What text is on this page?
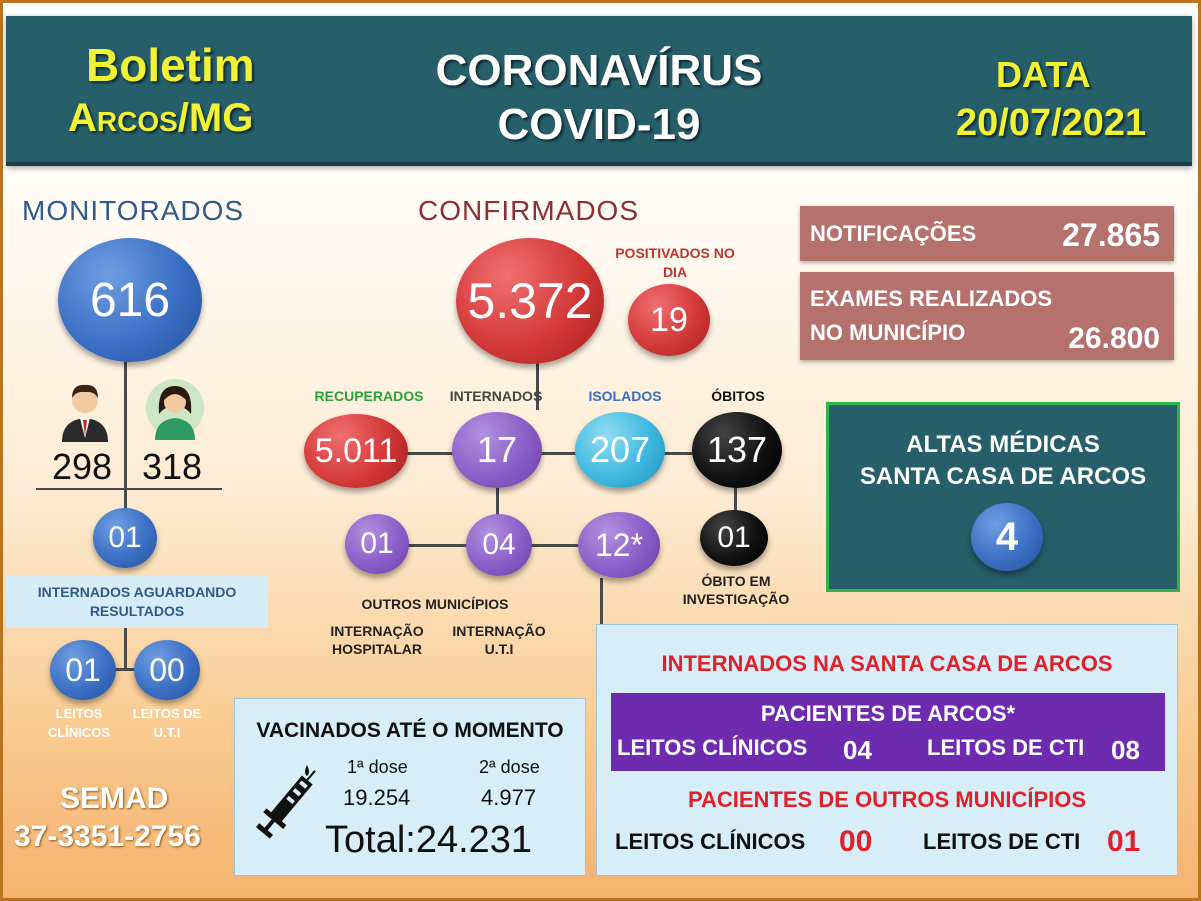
Boletim
Arcos/MG
CORONAVÍRUS
COVID-19
DATA
20/07/2021
MONITORADOS
616
298 318
01
INTERNADOS AGUARDANDO RESULTADOS
01 00
LEITOS CLÍNICOS
LEITOS DE U.T.I
SEMAD
37-3351-2756
CONFIRMADOS
5.372
POSITIVADOS NO DIA
19
RECUPERADOS	INTERNADOS	ISOLADOS	ÓBITOS
5.011 17 207 137
01	04 12* 01
ÓBITO EM INVESTIGAÇÃO
OUTROS MUNICÍPIOS
INTERNAÇÃO HOSPITALAR
INTERNAÇÃO U.T.I
NOTIFICAÇÕES	27.865
EXAMES REALIZADOS
NO MUNICÍPIO	26.800
ALTAS MÉDICAS
SANTA CASA DE ARCOS
4
VACINADOS ATÉ O MOMENTO
1ª dose	2ª dose
19.254	4.977
Total:24.231
INTERNADOS NA SANTA CASA DE ARCOS
PACIENTES DE ARCOS*
LEITOS CLÍNICOS 04	LEITOS DE CTI 08
PACIENTES DE OUTROS MUNICÍPIOS
LEITOS CLÍNICOS 00 LEITOS DE CTI 01
